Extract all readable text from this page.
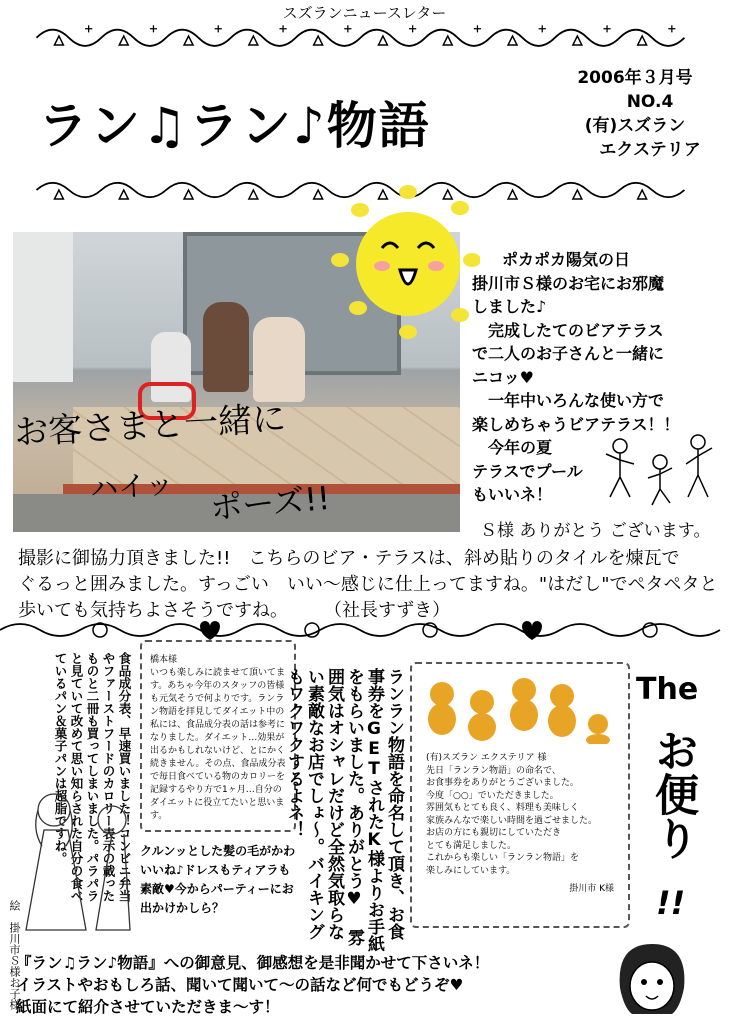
スズランニュースレター
ラン♫ラン♪物語
2006年３月号
NO.4
(有)スズラン
エクステリア
お客さまと一緒に
ハイッ ポーズ!!
ポカポカ陽気の日
掛川市Ｓ様のお宅にお邪魔
しました♪
　完成したてのビアテラス
で二人のお子さんと一緒に
ニコッ♥
　一年中いろんな使い方で
楽しめちゃうビアテラス！！
　今年の夏
テラスでプール
もいいネ！
Ｓ様 ありがとう ございます。
撮影に御協力頂きました!!　こちらのビア・テラスは、斜め貼りのタイルを煉瓦で
ぐるっと囲みました。すっごい　いい～感じに仕上ってますね。"はだし"でペタペタと
歩いても気持ちよさそうですね。　　　（社長すずき）
食品成分表、早速買いました！コンビニ弁当やファーストフードのカロリー表示の載ったものと二冊も買ってしまいました。パラパラと見ていて改めて思い知らされた自分の食べているパン＆菓子パンは超脂ですね。
絵　掛川市Ｓ様お子様
橋本様
いつも楽しみに読ませて頂いてます。あちゃ今年のスタッフの皆様も元気そうで何よりです。ランラン物語を拝見してダイエット中の私には、食品成分表の話は参考になりました。ダイエット…効果が出るかもしれないけど、とにかく続きません。その点、食品成分表で毎日食べている物のカロリーを記録するやり方で1ヶ月…自分のダイエットに役立てたいと思います。
クルンッとした髪の毛がかわいいね♪ドレスもティアラも素敵♥今からパーティーにお出かけかしら？	ランラン物語を命名して頂き、お食事券をGETされたK様よりお手紙をもらいました。ありがとう♥ 雰囲気はオシャレだけど全然気取らない素敵なお店でしょ～。バイキングもワクワクするよネ！	(有)スズラン エクステリア 様
先日「ランラン物語」の命名で、
お食事券をありがとうございました。
今度「○○」でいただきました。
雰囲気もとても良く、料理も美味しく
家族みんなで楽しい時間を過ごせました。
お店の方にも親切にしていただき
とても満足しました。
これからも楽しい「ランラン物語」を
楽しみにしています。
掛川市 K様
The
お便り
!!
『ラン♫ラン♪物語』への御意見、御感想を是非聞かせて下さいネ！
イラストやおもしろ話、聞いて聞いて～の話など何でもどうぞ♥
紙面にて紹介させていただきま～す！
